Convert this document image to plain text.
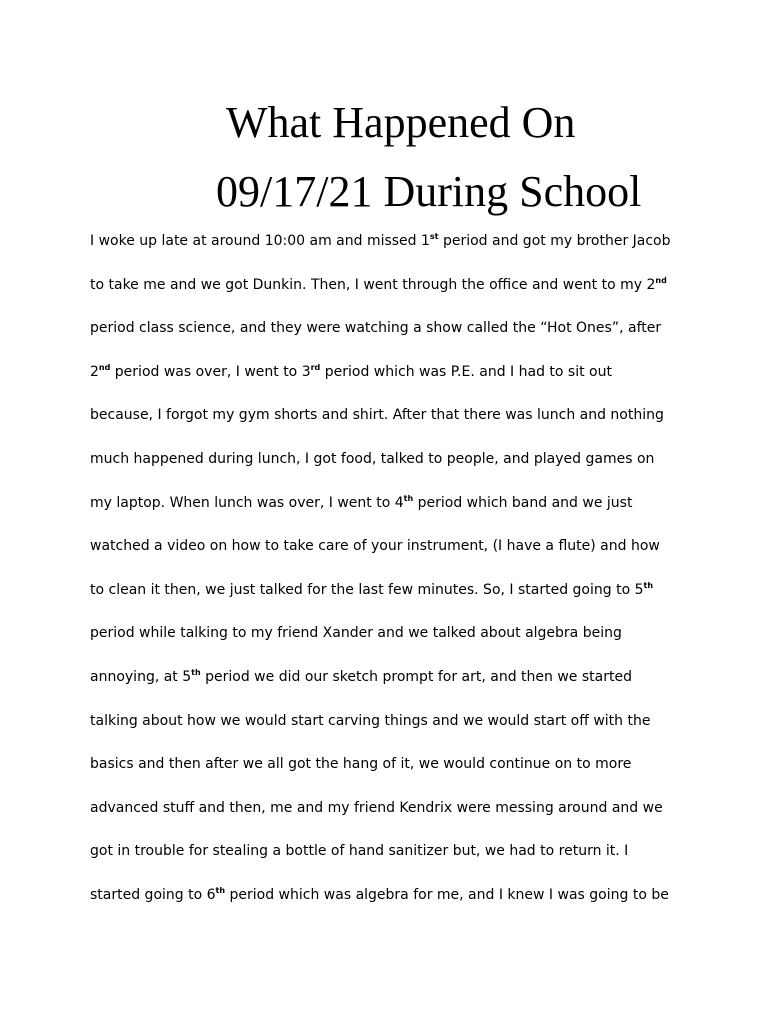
What Happened On
09/17/21 During School
I woke up late at around 10:00 am and missed 1st period and got my brother Jacob
to take me and we got Dunkin. Then, I went through the office and went to my 2nd
period class science, and they were watching a show called the “Hot Ones”, after
2nd period was over, I went to 3rd period which was P.E. and I had to sit out
because, I forgot my gym shorts and shirt. After that there was lunch and nothing
much happened during lunch, I got food, talked to people, and played games on
my laptop. When lunch was over, I went to 4th period which band and we just
watched a video on how to take care of your instrument, (I have a flute) and how
to clean it then, we just talked for the last few minutes. So, I started going to 5th
period while talking to my friend Xander and we talked about algebra being
annoying, at 5th period we did our sketch prompt for art, and then we started
talking about how we would start carving things and we would start off with the
basics and then after we all got the hang of it, we would continue on to more
advanced stuff and then, me and my friend Kendrix were messing around and we
got in trouble for stealing a bottle of hand sanitizer but, we had to return it. I
started going to 6th period which was algebra for me, and I knew I was going to be
